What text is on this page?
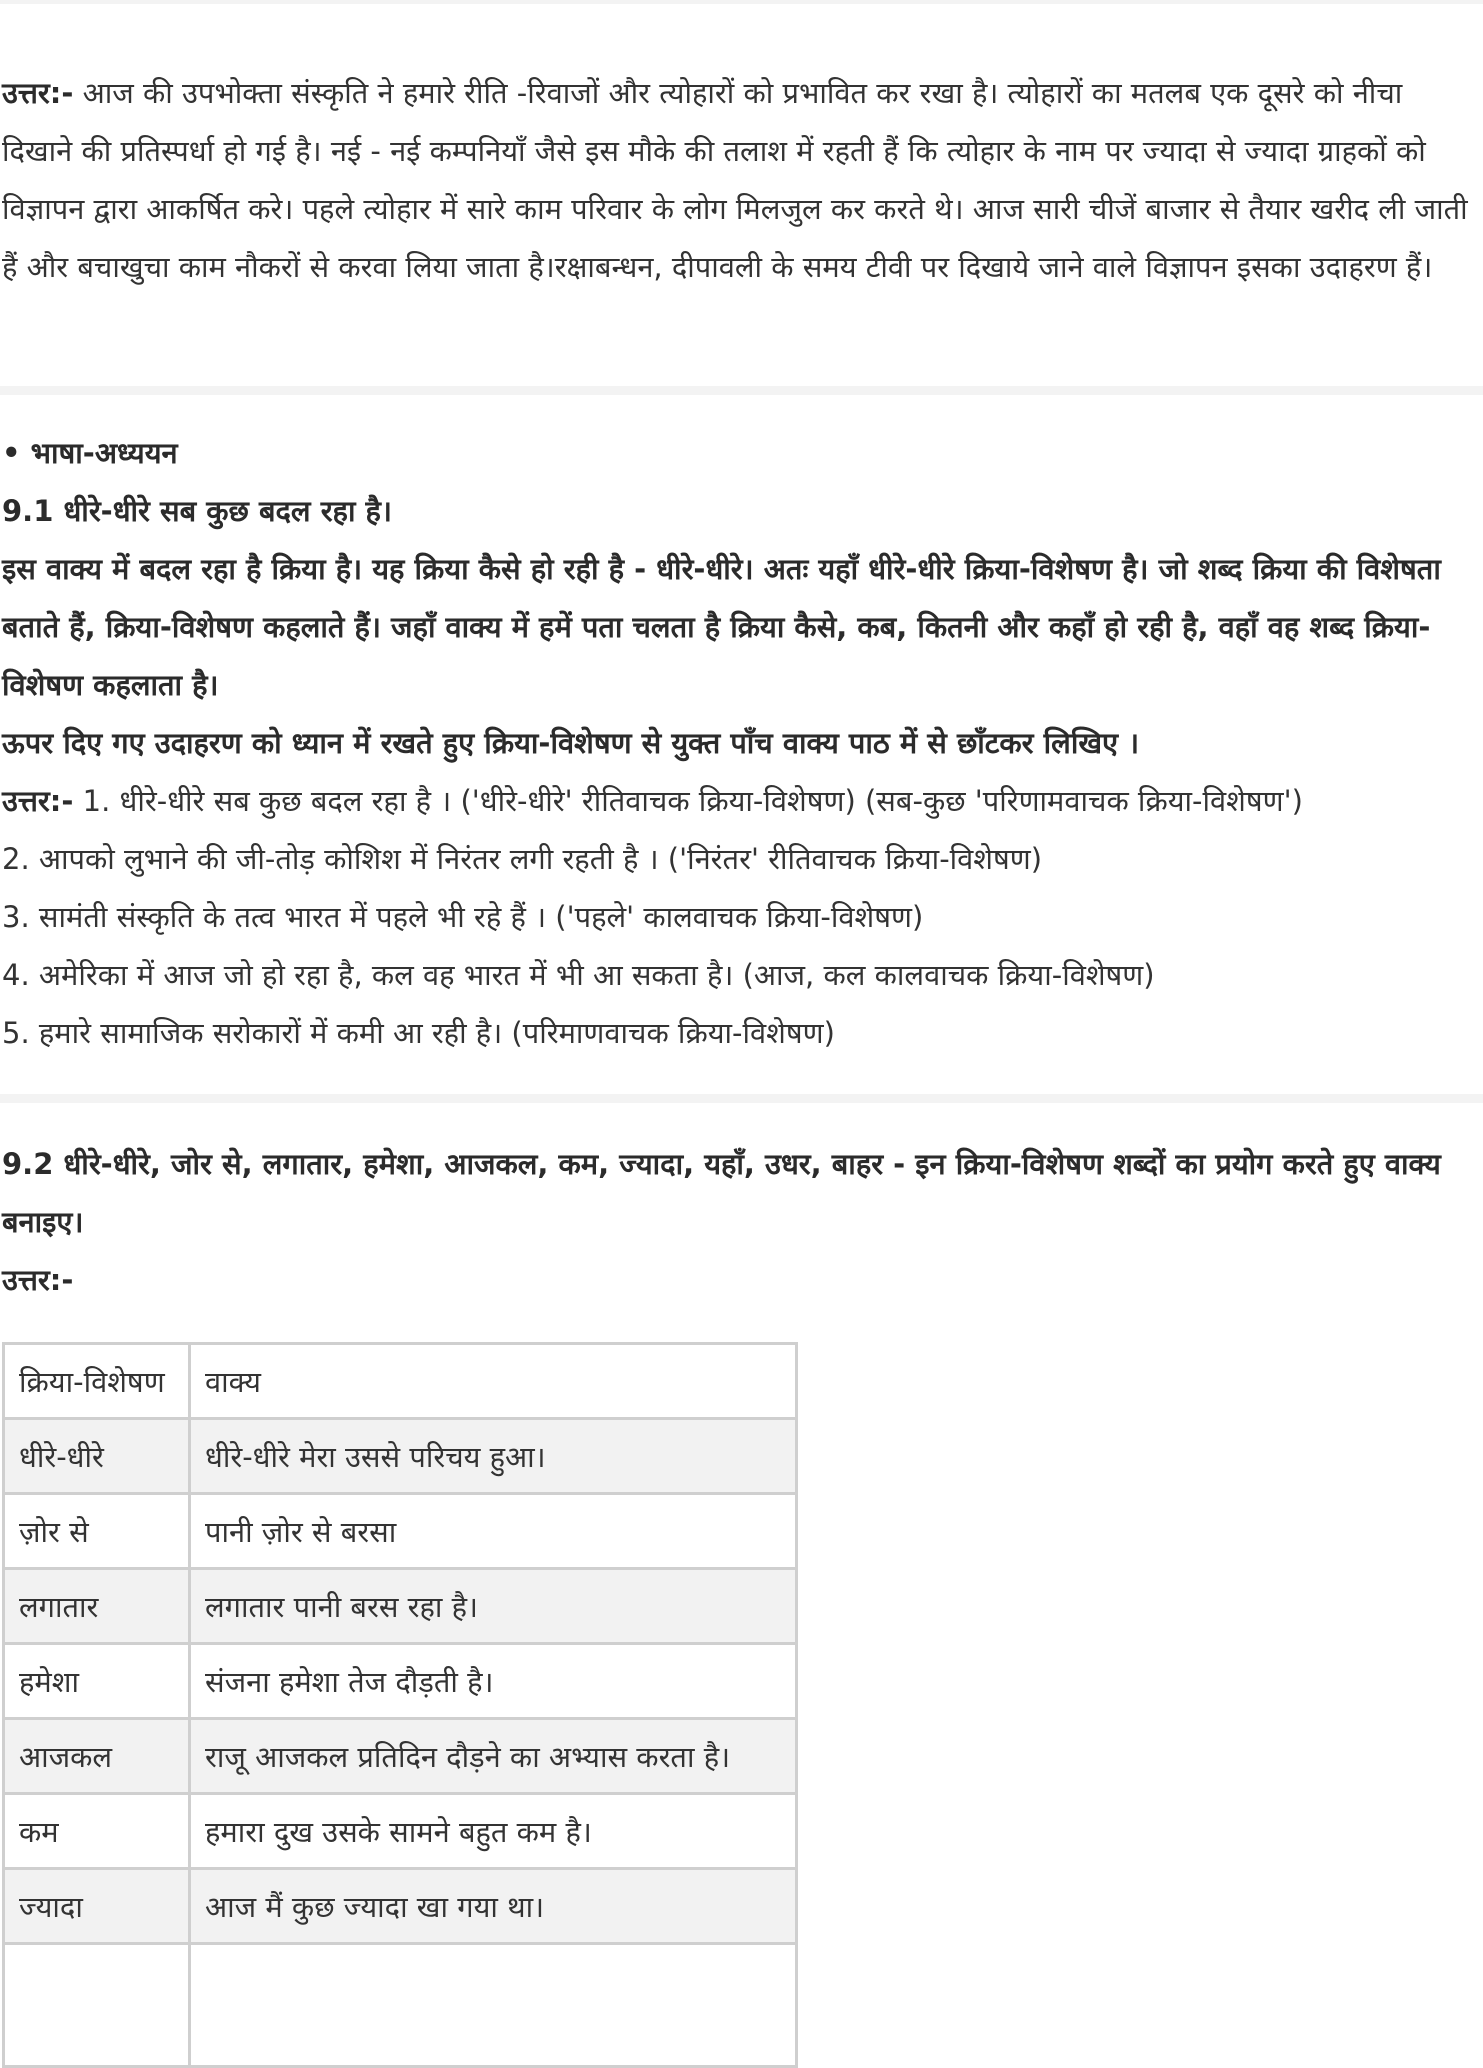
उत्तर:- आज की उपभोक्ता संस्कृति ने हमारे रीति -रिवाजों और त्योहारों को प्रभावित कर रखा है। त्योहारों का मतलब एक दूसरे को नीचा दिखाने की प्रतिस्पर्धा हो गई है। नई - नई कम्पनियाँ जैसे इस मौके की तलाश में रहती हैं कि त्योहार के नाम पर ज्यादा से ज्यादा ग्राहकों को विज्ञापन द्वारा आकर्षित करे। पहले त्योहार में सारे काम परिवार के लोग मिलजुल कर करते थे। आज सारी चीजें बाजार से तैयार खरीद ली जाती हैं और बचाखुचा काम नौकरों से करवा लिया जाता है।रक्षाबन्धन, दीपावली के समय टीवी पर दिखाये जाने वाले विज्ञापन इसका उदाहरण हैं।

• भाषा-अध्ययन

9.1 धीरे-धीरे सब कुछ बदल रहा है।

इस वाक्य में बदल रहा है क्रिया है। यह क्रिया कैसे हो रही है - धीरे-धीरे। अतः यहाँ धीरे-धीरे क्रिया-विशेषण है। जो शब्द क्रिया की विशेषता बताते हैं, क्रिया-विशेषण कहलाते हैं। जहाँ वाक्य में हमें पता चलता है क्रिया कैसे, कब, कितनी और कहाँ हो रही है, वहाँ वह शब्द क्रिया-विशेषण कहलाता है।

ऊपर दिए गए उदाहरण को ध्यान में रखते हुए क्रिया-विशेषण से युक्त पाँच वाक्य पाठ में से छाँटकर लिखिए ।

उत्तर:- 1. धीरे-धीरे सब कुछ बदल रहा है । ('धीरे-धीरे' रीतिवाचक क्रिया-विशेषण) (सब-कुछ 'परिणामवाचक क्रिया-विशेषण')

2. आपको लुभाने की जी-तोड़ कोशिश में निरंतर लगी रहती है । ('निरंतर' रीतिवाचक क्रिया-विशेषण)

3. सामंती संस्कृति के तत्व भारत में पहले भी रहे हैं । ('पहले' कालवाचक क्रिया-विशेषण)

4. अमेरिका में आज जो हो रहा है, कल वह भारत में भी आ सकता है। (आज, कल कालवाचक क्रिया-विशेषण)

5. हमारे सामाजिक सरोकारों में कमी आ रही है। (परिमाणवाचक क्रिया-विशेषण)

9.2 धीरे-धीरे, जोर से, लगातार, हमेशा, आजकल, कम, ज्यादा, यहाँ, उधर, बाहर - इन क्रिया-विशेषण शब्दों का प्रयोग करते हुए वाक्य बनाइए।

उत्तर:-

क्रिया-विशेषण	वाक्य
धीरे-धीरे	धीरे-धीरे मेरा उससे परिचय हुआ।
ज़ोर से	पानी ज़ोर से बरसा
लगातार	लगातार पानी बरस रहा है।
हमेशा	संजना हमेशा तेज दौड़ती है।
आजकल	राजू आजकल प्रतिदिन दौड़ने का अभ्यास करता है।
कम	हमारा दुख उसके सामने बहुत कम है।
ज्यादा	आज मैं कुछ ज्यादा खा गया था।
